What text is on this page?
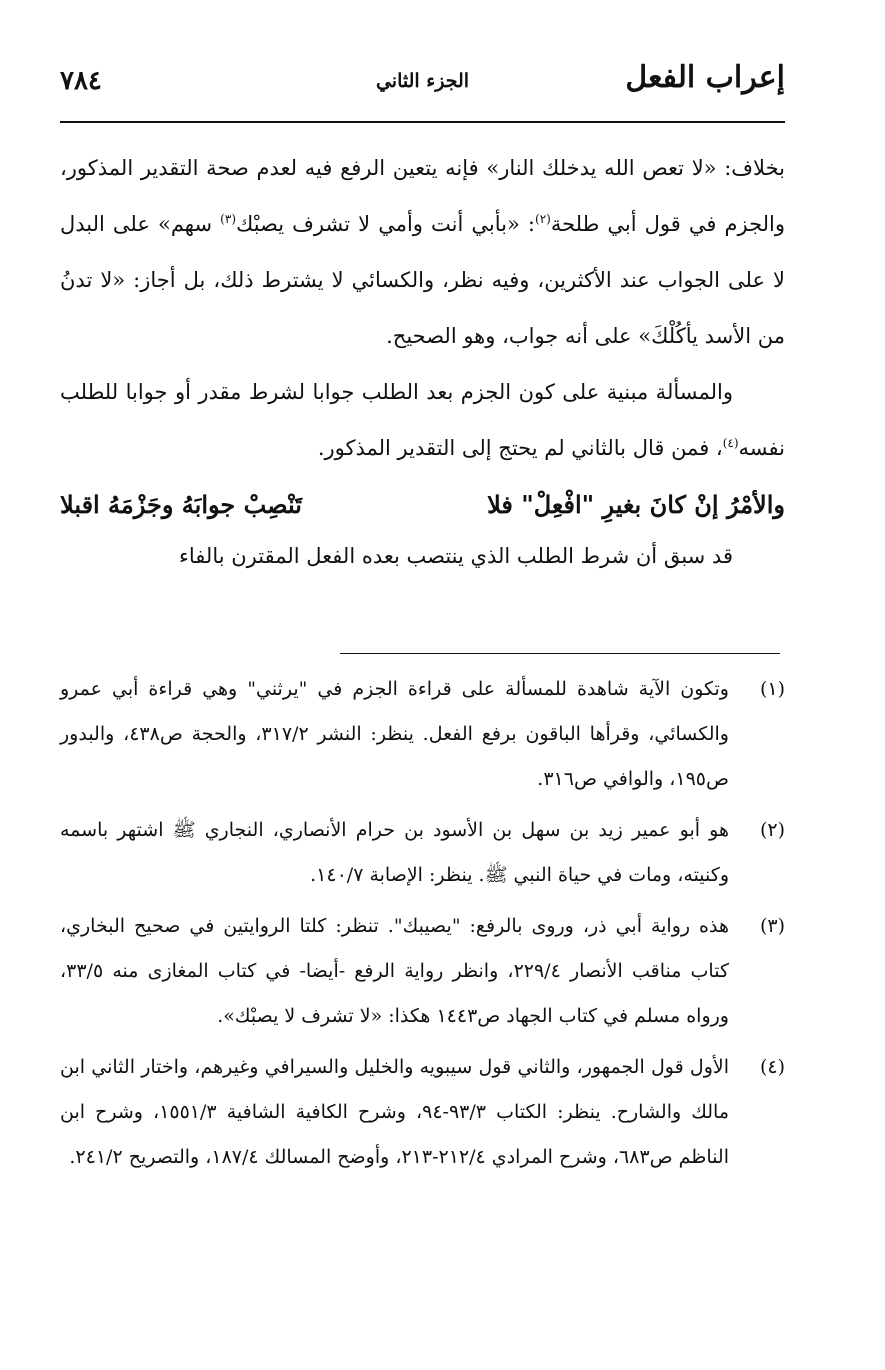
إعراب الفعل
الجزء الثاني
٧٨٤

بخلاف: «لا تعص الله يدخلك النار» فإنه يتعين الرفع فيه لعدم صحة التقدير المذكور، والجزم في قول أبي طلحة$^{(٢)}$: «بأبي أنت وأمي لا تشرف يصبْك$^{(٣)}$ سهم» على البدل لا على الجواب عند الأكثرين، وفيه نظر، والكسائي لا يشترط ذلك، بل أجاز: «لا تدنُ من الأسد يأكُلْكَ» على أنه جواب، وهو الصحيح.

والمسألة مبنية على كون الجزم بعد الطلب جوابا لشرط مقدر أو جوابا للطلب نفسه$^{(٤)}$، فمن قال بالثاني لم يحتج إلى التقدير المذكور.

والأمْرُ إنْ كانَ بغيرِ "افْعِلْ" فلا
تَنْصِبْ جوابَهُ وجَزْمَهُ اقبلا

قد سبق أن شرط الطلب الذي ينتصب بعده الفعل المقترن بالفاء

(١)
وتكون الآية شاهدة للمسألة على قراءة الجزم في "يرثني" وهي قراءة أبي عمرو والكسائي، وقرأها الباقون برفع الفعل. ينظر: النشر ٣١٧/٢، والحجة ص٤٣٨، والبدور ص١٩٥، والوافي ص٣١٦.
(٢)
هو أبو عمير زيد بن سهل بن الأسود بن حرام الأنصاري، النجاري ﷺ اشتهر باسمه وكنيته، ومات في حياة النبي ﷺ. ينظر: الإصابة ١٤٠/٧.
(٣)
هذه رواية أبي ذر، وروى بالرفع: "يصيبك". تنظر: كلتا الروايتين في صحيح البخاري، كتاب مناقب الأنصار ٢٢٩/٤، وانظر رواية الرفع -أيضا- في كتاب المغازى منه ٣٣/٥، ورواه مسلم في كتاب الجهاد ص١٤٤٣ هكذا: «لا تشرف لا يصبْك».
(٤)
الأول قول الجمهور، والثاني قول سيبويه والخليل والسيرافي وغيرهم، واختار الثاني ابن مالك والشارح. ينظر: الكتاب ٩٣/٣-٩٤، وشرح الكافية الشافية ١٥٥١/٣، وشرح ابن الناظم ص٦٨٣، وشرح المرادي ٢١٢/٤-٢١٣، وأوضح المسالك ١٨٧/٤، والتصريح ٢٤١/٢.
